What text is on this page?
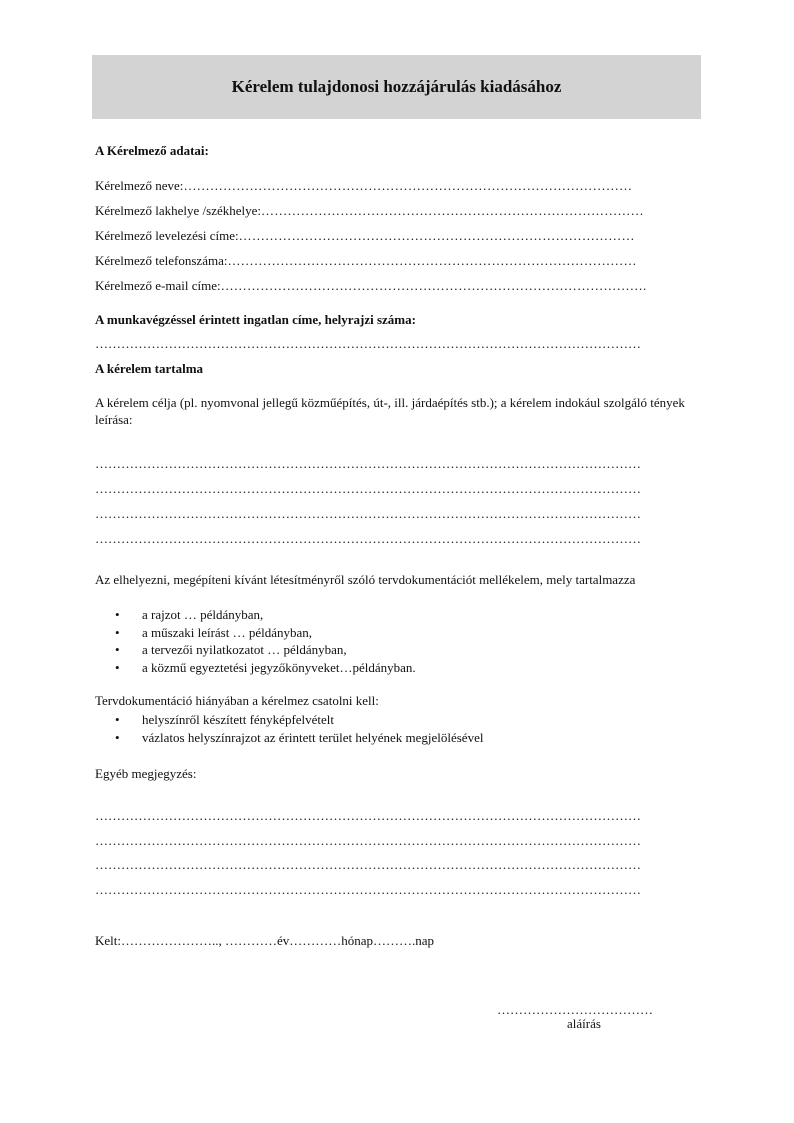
Kérelem tulajdonosi hozzájárulás kiadásához
A Kérelmező adatai:
Kérelmező neve: …………………………………………………………………………………………
Kérelmező lakhelye /székhelye: ……………………………………………………………………………
Kérelmező levelezési címe: ………………………………………………………………………………
Kérelmező telefonszáma: …………………………………………………………………………………
Kérelmező e-mail címe: …………………………………………………………………………………….
A munkavégzéssel érintett ingatlan címe, helyrajzi száma:
………………………………………………………………………………………………………………
A kérelem tartalma
A kérelem célja (pl. nyomvonal jellegű közműépítés, út-, ill. járdaépítés stb.); a kérelem indokául szolgáló tények leírása:
………………………………………………………………………………………………………………
………………………………………………………………………………………………………………
………………………………………………………………………………………………………………
………………………………………………………………………………………………………………
Az elhelyezni, megépíteni kívánt létesítményről szóló tervdokumentációt mellékelem, mely tartalmazza
• a rajzot … példányban,
• a műszaki leírást … példányban,
• a tervezői nyilatkozatot … példányban,
• a közmű egyeztetési jegyzőkönyveket…példányban.
Tervdokumentáció hiányában a kérelmez csatolni kell:
• helyszínről készített fényképfelvételt
• vázlatos helyszínrajzot az érintett terület helyének megjelölésével
Egyéb megjegyzés:
………………………………………………………………………………………………………………
………………………………………………………………………………………………………………
………………………………………………………………………………………………………………
………………………………………………………………………………………………………………
Kelt:………………….., …………év…………hónap……….nap
………………………………
aláírás
